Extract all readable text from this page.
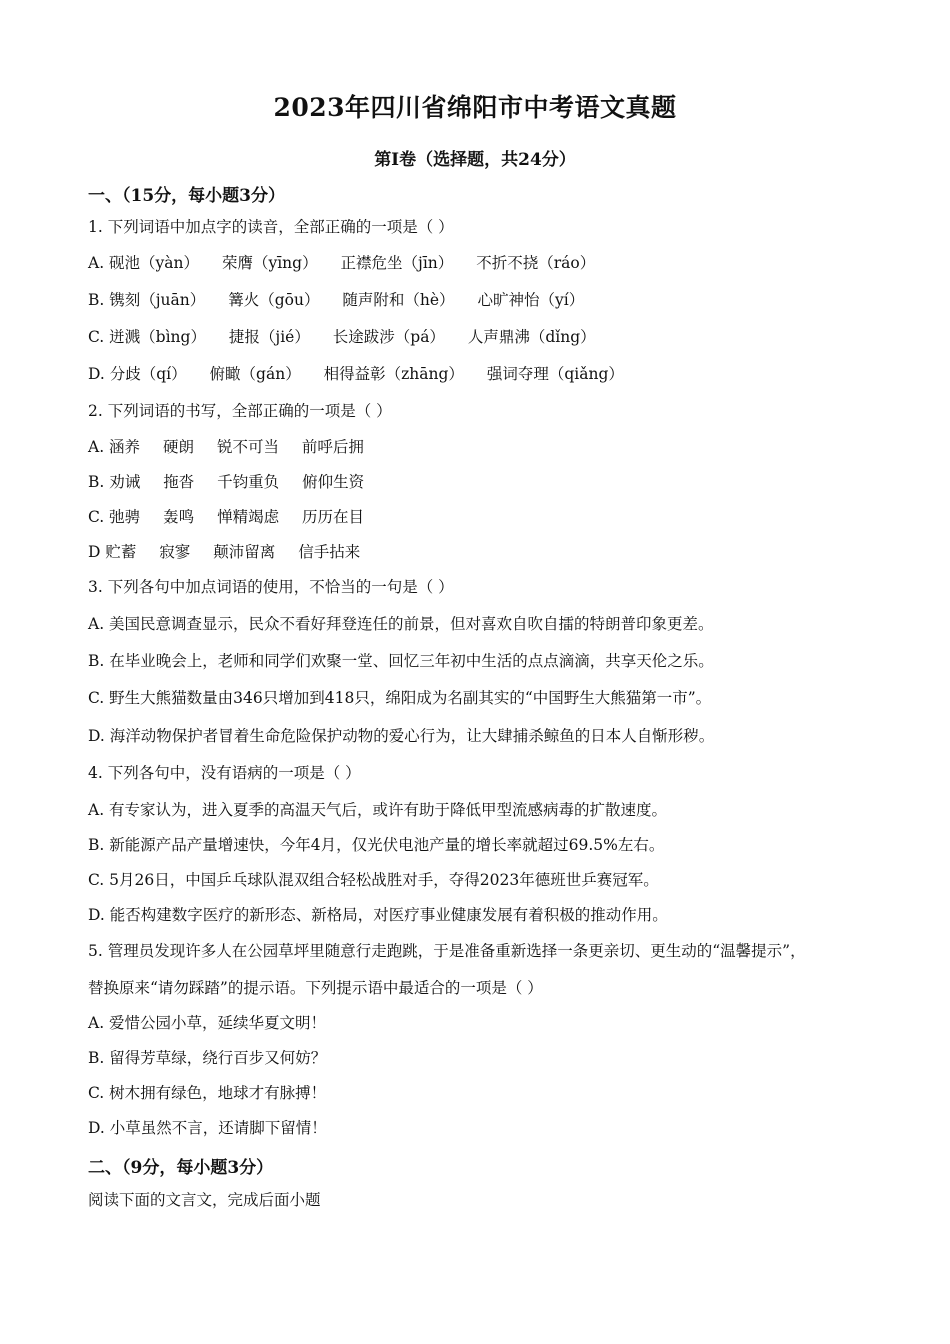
2023年四川省绵阳市中考语文真题
第Ⅰ卷（选择题，共24分）
一、（15分，每小题3分）
1. 下列词语中加点字的读音，全部正确的一项是（ ）
A. 砚池（yàn） 荣膺（yīng） 正襟危坐（jīn） 不折不挠（ráo）
B. 镌刻（juān） 篝火（gōu） 随声附和（hè） 心旷神怡（yí）
C. 迸溅（bìng） 捷报（jié） 长途跋涉（pá） 人声鼎沸（dǐng）
D. 分歧（qí） 俯瞰（gán） 相得益彰（zhāng） 强词夺理（qiǎng）
2. 下列词语的书写，全部正确的一项是（ ）
A. 涵养 硬朗 锐不可当 前呼后拥
B. 劝诫 拖沓 千钧重负 俯仰生资
C. 弛骋 轰鸣 惮精竭虑 历历在目
D 贮蓄 寂寥 颠沛留离 信手拈来
3. 下列各句中加点词语的使用，不恰当的一句是（ ）
A. 美国民意调查显示，民众不看好拜登连任的前景，但对喜欢自吹自擂的特朗普印象更差。
B. 在毕业晚会上，老师和同学们欢聚一堂、回忆三年初中生活的点点滴滴，共享天伦之乐。
C. 野生大熊猫数量由346只增加到418只，绵阳成为名副其实的“中国野生大熊猫第一市”。
D. 海洋动物保护者冒着生命危险保护动物的爱心行为，让大肆捕杀鲸鱼的日本人自惭形秽。
4. 下列各句中，没有语病的一项是（ ）
A. 有专家认为，进入夏季的高温天气后，或许有助于降低甲型流感病毒的扩散速度。
B. 新能源产品产量增速快，今年4月，仅光伏电池产量的增长率就超过69.5%左右。
C. 5月26日，中国乒乓球队混双组合轻松战胜对手，夺得2023年德班世乒赛冠军。
D. 能否构建数字医疗的新形态、新格局，对医疗事业健康发展有着积极的推动作用。
5. 管理员发现许多人在公园草坪里随意行走跑跳，于是准备重新选择一条更亲切、更生动的“温馨提示”，
替换原来“请勿踩踏”的提示语。下列提示语中最适合的一项是（ ）
A. 爱惜公园小草，延续华夏文明！
B. 留得芳草绿，绕行百步又何妨？
C. 树木拥有绿色，地球才有脉搏！
D. 小草虽然不言，还请脚下留情！
二、（9分，每小题3分）
阅读下面的文言文，完成后面小题
